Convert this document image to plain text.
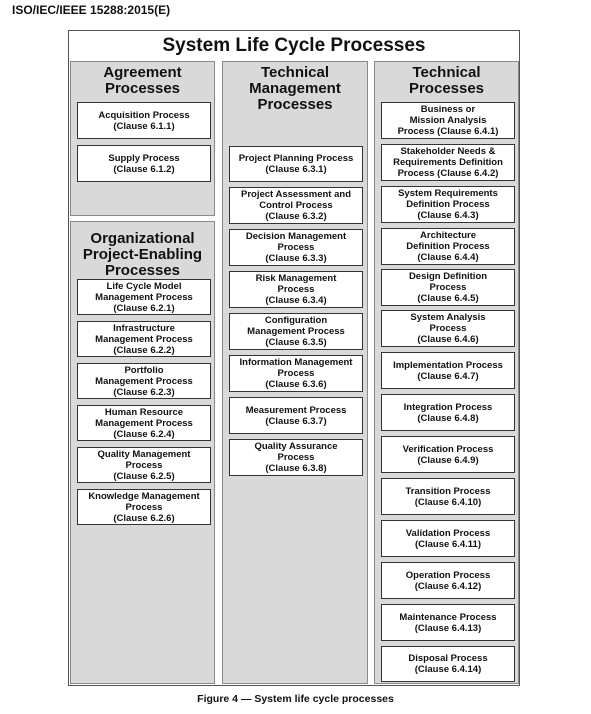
ISO/IEC/IEEE 15288:2015(E)
System Life Cycle Processes
Agreement
Processes
Acquisition Process
(Clause 6.1.1)
Supply Process
(Clause 6.1.2)
Organizational
Project-Enabling
Processes
Life Cycle Model
Management Process
(Clause 6.2.1)
Infrastructure
Management Process
(Clause 6.2.2)
Portfolio
Management Process
(Clause 6.2.3)
Human Resource
Management Process
(Clause 6.2.4)
Quality Management
Process
(Clause 6.2.5)
Knowledge Management
Process
(Clause 6.2.6)
Technical
Management
Processes
Project Planning Process
(Clause 6.3.1)
Project Assessment and
Control Process
(Clause 6.3.2)
Decision Management
Process
(Clause 6.3.3)
Risk Management
Process
(Clause 6.3.4)
Configuration
Management Process
(Clause 6.3.5)
Information Management
Process
(Clause 6.3.6)
Measurement Process
(Clause 6.3.7)
Quality Assurance
Process
(Clause 6.3.8)
Technical
Processes
Business or
Mission Analysis
Process (Clause 6.4.1)
Stakeholder Needs &
Requirements Definition
Process (Clause 6.4.2)
System Requirements
Definition Process
(Clause 6.4.3)
Architecture
Definition Process
(Clause 6.4.4)
Design Definition
Process
(Clause 6.4.5)
System Analysis
Process
(Clause 6.4.6)
Implementation Process
(Clause 6.4.7)
Integration Process
(Clause 6.4.8)
Verification Process
(Clause 6.4.9)
Transition Process
(Clause 6.4.10)
Validation Process
(Clause 6.4.11)
Operation Process
(Clause 6.4.12)
Maintenance Process
(Clause 6.4.13)
Disposal Process
(Clause 6.4.14)
Figure 4 — System life cycle processes
